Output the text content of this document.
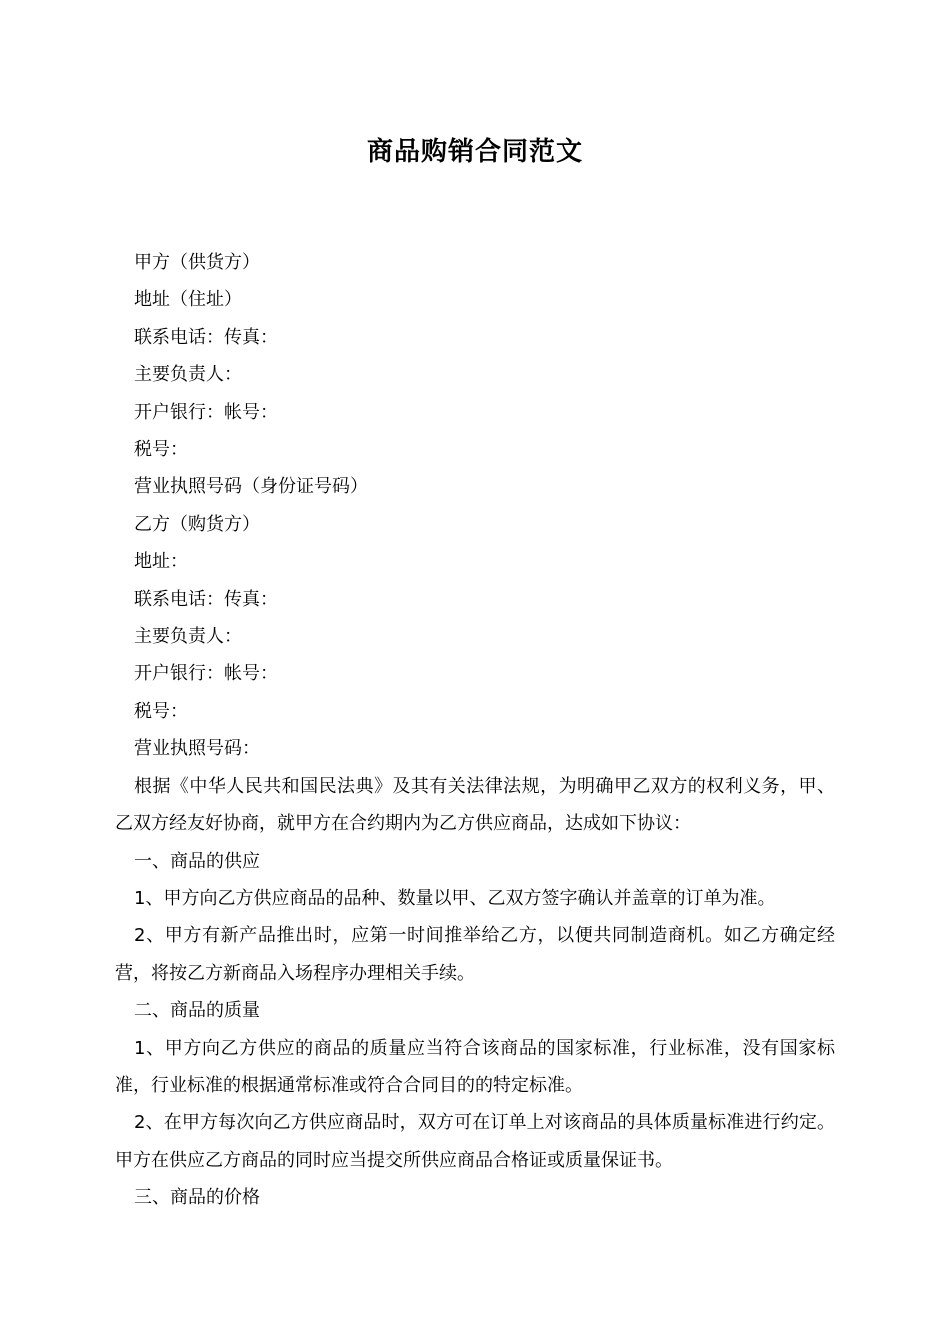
商品购销合同范文

甲方（供货方）

地址（住址）

联系电话：传真：

主要负责人：

开户银行：帐号：

税号：

营业执照号码（身份证号码）

乙方（购货方）

地址：

联系电话：传真：

主要负责人：

开户银行：帐号：

税号：

营业执照号码：

根据《中华人民共和国民法典》及其有关法律法规，为明确甲乙双方的权利义务，甲、乙双方经友好协商，就甲方在合约期内为乙方供应商品，达成如下协议：

一、商品的供应

1、甲方向乙方供应商品的品种、数量以甲、乙双方签字确认并盖章的订单为准。

2、甲方有新产品推出时，应第一时间推举给乙方，以便共同制造商机。如乙方确定经营，将按乙方新商品入场程序办理相关手续。

二、商品的质量

1、甲方向乙方供应的商品的质量应当符合该商品的国家标准，行业标准，没有国家标准，行业标准的根据通常标准或符合合同目的的特定标准。

2、在甲方每次向乙方供应商品时，双方可在订单上对该商品的具体质量标准进行约定。甲方在供应乙方商品的同时应当提交所供应商品合格证或质量保证书。

三、商品的价格
